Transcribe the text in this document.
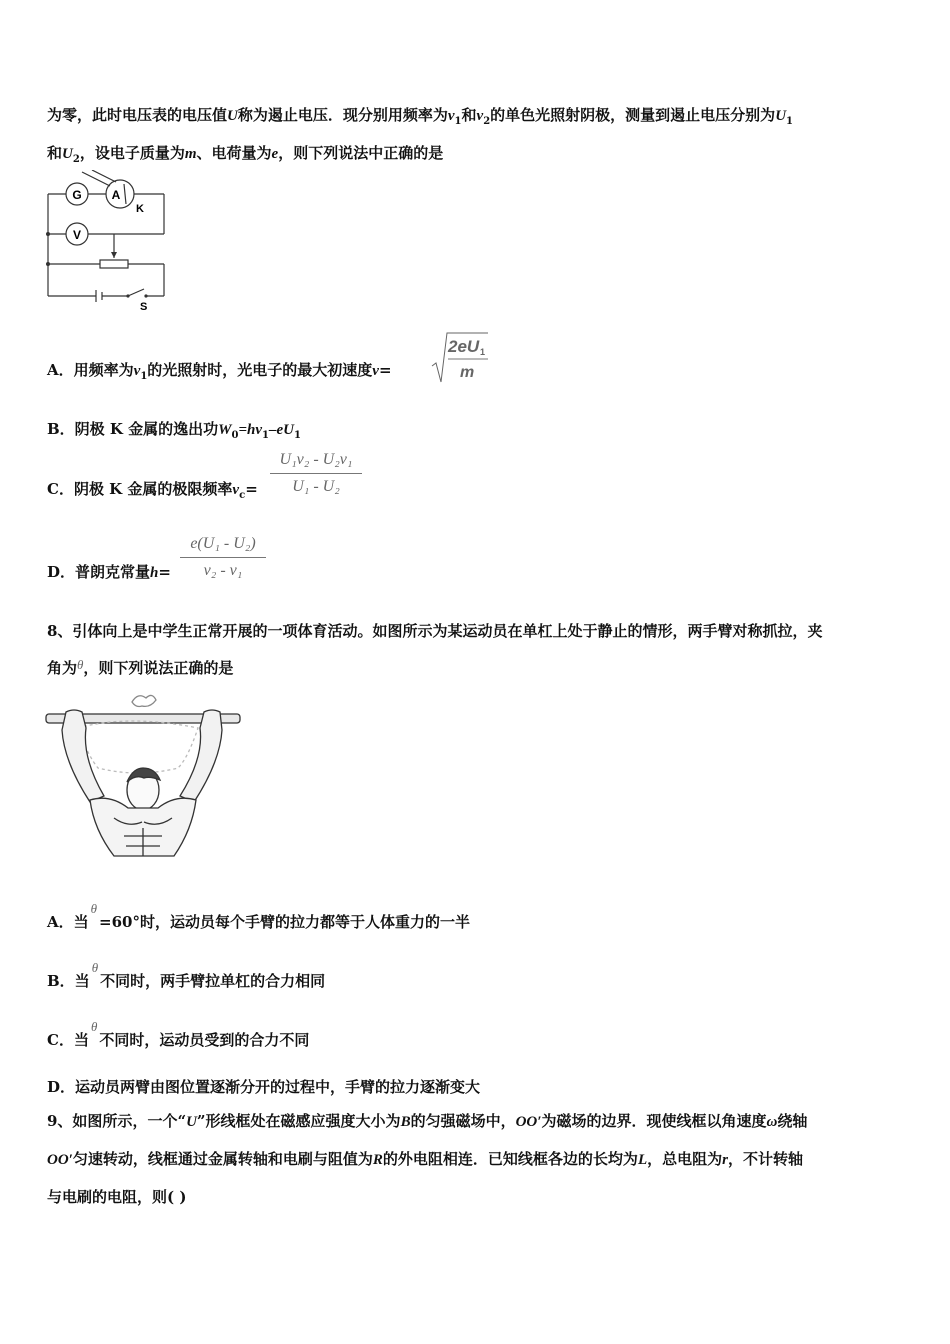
为零，此时电压表的电压值U称为遏止电压．现分别用频率为$v_1$和$v_2$的单色光照射阴极，测量到遏止电压分别为$U_1$
和$U_2$，设电子质量为m、电荷量为e，则下列说法中正确的是
G A
K
V
S
A．用频率为$v_1$的光照射时，光电子的最大初速度v=
2eU 1
m
B．阴极 K 金属的逸出功$W_0=hv_1-eU_1$
C．阴极 K 金属的极限频率$v_c=$
U₁ν₂ - U₂ν₁
U₁ - U₂
D．普朗克常量h=
e(U₁ - U₂)
ν₂ - ν₁
8、引体向上是中学生正常开展的一项体育活动。如图所示为某运动员在单杠上处于静止的情形，两手臂对称抓拉，夹
角为θ，则下列说法正确的是
A．当θ=60°时，运动员每个手臂的拉力都等于人体重力的一半
B．当θ不同时，两手臂拉单杠的合力相同
C．当θ不同时，运动员受到的合力不同
D．运动员两臂由图位置逐渐分开的过程中，手臂的拉力逐渐变大
9、如图所示，一个“U”形线框处在磁感应强度大小为B的匀强磁场中，OO′为磁场的边界．现使线框以角速度ω绕轴
OO′匀速转动，线框通过金属转轴和电刷与阻值为R的外电阻相连．已知线框各边的长均为L，总电阻为r，不计转轴
与电刷的电阻，则( )
